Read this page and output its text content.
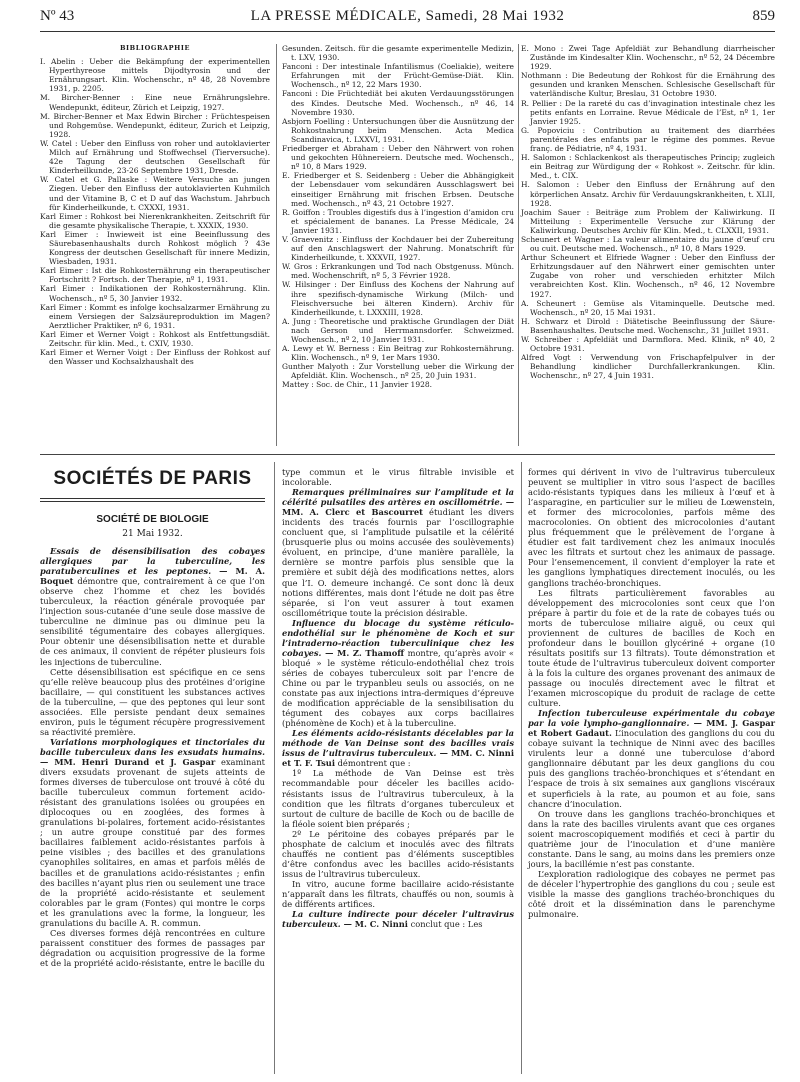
Nº 43	LA PRESSE MÉDICALE, Samedi, 28 Mai 1932	859
BIBLIOGRAPHIE
I. Abelin : Ueber die Bekämpfung der experimentellen Hyperthyreose mittels Dijodtyrosin und der Ernährungsart. Klin. Wochenschr., nº 48, 28 Novembre 1931, p. 2205.
M. Bircher-Benner : Eine neue Ernährungslehre. Wendepunkt, éditeur, Zürich et Leipzig, 1927.
M. Bircher-Benner et Max Edwin Bircher : Früchtespeisen und Rohgemüse. Wendepunkt, éditeur, Zurich et Leipzig, 1928.
W. Catel : Ueber den Einfluss von roher und autoklavierter Milch auf Ernährung und Stoffwechsel (Tierversuche). 42e Tagung der deutschen Gesellschaft für Kinderheilkunde, 23-26 Septembre 1931, Dresde.
W. Catel et G. Pallaske : Weitere Versuche an jungen Ziegen. Ueber den Einfluss der autoklavierten Kuhmilch und der Vitamine B, C et D auf das Wachstum. Jahrbuch für Kinderheilkunde, t. CXXXI, 1931.
Karl Eimer : Rohkost bei Nierenkrankheiten. Zeitschrift für die gesamte physikalische Therapie, t. XXXIX, 1930.
Karl Eimer : Inwieweit ist eine Beeinflussung des Säurebasenhaushalts durch Rohkost möglich ? 43e Kongress der deutschen Gesellschaft für innere Medizin, Wiesbaden, 1931.
Karl Eimer : Ist die Rohkosternährung ein therapeutischer Fortschritt ? Fortsch. der Therapie, nº 1, 1931.
Karl Eimer : Indikationen der Rohkosternährung. Klin. Wochensch., nº 5, 30 Janvier 1932.
Karl Eimer : Kommt es infolge kochsalzarmer Ernährung zu einem Versiegen der Salzsäureproduktion im Magen? Aerztlicher Praktiker, nº 6, 1931.
Karl Eimer et Werner Voigt : Rohkost als Entfettungsdiät. Zeitschr. für klin. Med., t. CXIV, 1930.
Karl Eimer et Werner Voigt : Der Einfluss der Rohkost auf den Wasser und Kochsalzhaushalt des
Gesunden. Zeitsch. für die gesamte experimentelle Medizin, t. LXV, 1930.
Fanconi : Der intestinale Infantilismus (Coeliakie), weitere Erfahrungen mit der Frücht-Gemüse-Diät. Klin. Wochensch., nº 12, 22 Mars 1930.
Fanconi : Die Früchtediät bei akuten Verdauungsstörungen des Kindes. Deutsche Med. Wochensch., nº 46, 14 Novembre 1930.
Asbjorn Foelling : Untersuchungen über die Ausnützung der Rohkostnahrung beim Menschen. Acta Medica Scandinavica, t. LXXVI, 1931.
Friedberger et Abraham : Ueber den Nährwert von rohen und gekochten Hühnereiern. Deutsche med. Wochensch., nº 10, 8 Mars 1929.
E. Friedberger et S. Seidenberg : Ueber die Abhängigkeit der Lebensdauer vom sekundären Ausschlagswert bei einseitiger Ernährung mit frischen Erbsen. Deutsche med. Wochensch., nº 43, 21 Octobre 1927.
R. Goiffon : Troubles digestifs dus à l’ingestion d’amidon cru et spécialement de bananes. La Presse Médicale, 24 Janvier 1931.
V. Graevenitz : Einfluss der Kochdauer bei der Zubereitung auf den Anschlagswert der Nahrung. Monatschrift für Kinderheilkunde, t. XXXVII, 1927.
W. Gros : Erkrankungen und Tod nach Obstgenuss. Münch. med. Wochenschrift, nº 5, 3 Février 1928.
W. Hilsinger : Der Einfluss des Kochens der Nahrung auf ihre spezifisch-dynamische Wirkung (Milch- und Fleischversuche bei älteren Kindern). Archiv für Kinderheilkunde, t. LXXXIII, 1928.
A. Jung : Theoretische und praktische Grundlagen der Diät nach Gerson und Herrmannsdorfer. Schweizmed. Wochensch., nº 2, 10 Janvier 1931.
A. Lewy et W. Berness : Ein Beitrag zur Rohkosternährung. Klin. Wochensch., nº 9, 1er Mars 1930.
Gunther Malyoth : Zur Vorstellung ueber die Wirkung der Apfeldiät. Klin. Wochensch., nº 25, 20 Juin 1931.
Mattey : Soc. de Chir., 11 Janvier 1928.
E. Mono : Zwei Tage Apfeldiät zur Behandlung diarrheischer Zustände im Kindesalter Klin. Wochenschr., nº 52, 24 Décembre 1929.
Nothmann : Die Bedeutung der Rohkost für die Ernährung des gesunden und kranken Menschen. Schlesische Gesellschaft für vaterländische Kultur, Breslau, 31 Octobre 1930.
R. Pellier : De la rareté du cas d’invagination intestinale chez les petits enfants en Lorraine. Revue Médicale de l’Est, nº 1, 1er Janvier 1925.
G. Popoviciu : Contribution au traitement des diarrhées parentérales des enfants par le régime des pommes. Revue franç. de Pédiatrie, nº 4, 1931.
H. Salomon : Schlackenkost als therapeutisches Princip; zugleich ein Beitrag zur Würdigung der « Rohkost ». Zeitschr. für klin. Med., t. CIX.
H. Salomon : Ueber den Einfluss der Ernährung auf den körperlichen Ansatz. Archiv für Verdauungskrankheiten, t. XLII, 1928.
Joachim Sauer : Beiträge zum Problem der Kaliwirkung. II Mitteilung : Experimentelle Versuche zur Klärung der Kaliwirkung. Deutsches Archiv für Klin. Med., t. CLXXII, 1931.
Scheunert et Wagner : La valeur alimentaire du jaune d’œuf cru ou cuit. Deutsche med. Wochensch., nº 10, 8 Mars 1929.
Arthur Scheunert et Elfriede Wagner : Ueber den Einfluss der Erhitzungsdauer auf den Nährwert einer gemischten unter Zugabe von roher und verschieden erhitzter Milch verabreichten Kost. Klin. Wochensch., nº 46, 12 Novembre 1927.
A. Scheunert : Gemüse als Vitaminquelle. Deutsche med. Wochensch., nº 20, 15 Mai 1931.
H. Schwarz et Dirold : Diätetische Beeinflussung der Säure-Basenhaushaltes. Deutsche med. Wochenschr., 31 Juillet 1931.
W. Schreiber : Apfeldiät und Darmflora. Med. Klinik, nº 40, 2 Octobre 1931.
Alfred Vogt : Verwendung von Frischapfelpulver in der Behandlung kindlicher Durchfallerkrankungen. Klin. Wochenschr., nº 27, 4 Juin 1931.
SOCIÉTÉS DE PARIS
SOCIÉTÉ DE BIOLOGIE
21 Mai 1932.

Essais de désensibilisation des cobayes allergiques par la tuberculine, les paratuberculines et les peptones. — M. A. Boquet démontre que, contrairement à ce que l’on observe chez l’homme et chez les bovidés tuberculeux, la réaction générale provoquée par l’injection sous-cutanée d’une seule dose massive de tuberculine ne diminue pas ou diminue peu la sensibilité tégumentaire des cobayes allergiques. Pour obtenir une désensibilisation nette et durable de ces animaux, il convient de répéter plusieurs fois les injections de tuberculine.

Cette désensibilisation est spécifique en ce sens qu’elle relève beaucoup plus des protéines d’origine bacillaire, — qui constituent les substances actives de la tuberculine, — que des peptones qui leur sont associées. Elle persiste pendant deux semaines environ, puis le tégument récupère progressivement sa réactivité première.

Variations morphologiques et tinctoriales du bacille tuberculeux dans les exsudats humains. — MM. Henri Durand et J. Gaspar examinant divers exsudats provenant de sujets atteints de formes diverses de tuberculose ont trouvé à côté du bacille tuberculeux commun fortement acido-résistant des granulations isolées ou groupées en diplocoques ou en zooglées, des formes à granulations bi-polaires, fortement acido-résistantes ; un autre groupe constitué par des formes bacillaires faiblement acido-résistantes parfois à peine visibles ; des bacilles et des granulations cyanophiles solitaires, en amas et parfois mêlés de bacilles et de granulations acido-résistantes ; enfin des bacilles n’ayant plus rien ou seulement une trace de la propriété acido-résistante et seulement colorables par le gram (Fontes) qui montre le corps et les granulations avec la forme, la longueur, les granulations du bacille A. R. commun.

Ces diverses formes déjà rencontrées en culture paraissent constituer des formes de passages par dégradation ou acquisition progressive de la forme et de la propriété acido-résistante, entre le bacille du

type commun et le virus filtrable invisible et incolorable.

Remarques préliminaires sur l’amplitude et la célérité pulsatiles des artères en oscillométrie. — MM. A. Clerc et Bascourret étudiant les divers incidents des tracés fournis par l’oscillographie concluent que, si l’amplitude pulsatile et la célérité (brusquerie plus ou moins accusée des soulèvements) évoluent, en principe, d’une manière parallèle, la dernière se montre parfois plus sensible que la première et subit déjà des modifications nettes, alors que l’I. O. demeure inchangé. Ce sont donc là deux notions différentes, mais dont l’étude ne doit pas être séparée, si l’on veut assurer à tout examen oscillométrique toute la précision désirable.

Influence du blocage du système réticulo-endothélial sur le phénomène de Koch et sur l’intraderno-réaction tuberculinique chez les cobayes. — M. Z. Thamoff montre, qu’après avoir « bloqué » le système réticulo-endothélial chez trois séries de cobayes tuberculeux soit par l’encre de Chine ou par le trypanbleu seuls ou associés, on ne constate pas aux injections intra-dermiques d’épreuve de modification appréciable de la sensibilisation du tégument des cobayes aux corps bacillaires (phénomène de Koch) et à la tuberculine.

Les éléments acido-résistants décelables par la méthode de Van Deinse sont des bacilles vrais issus de l’ultravirus tuberculeux. — MM. C. Ninni et T. F. Tsui démontrent que :

1º La méthode de Van Deinse est très recommandable pour déceler les bacilles acido-résistants issus de l’ultravirus tuberculeux, à la condition que les filtrats d’organes tuberculeux et surtout de culture de bacille de Koch ou de bacille de la fléole soient bien préparés ;

2º Le péritoine des cobayes préparés par le phosphate de calcium et inoculés avec des filtrats chauffés ne contient pas d’éléments susceptibles d’être confondus avec les bacilles acido-résistants issus de l’ultravirus tuberculeux.

In vitro, aucune forme bacillaire acido-résistante n’apparaît dans les filtrats, chauffés ou non, soumis à de différents artifices.

La culture indirecte pour déceler l’ultravirus tuberculeux. — M. C. Ninni conclut que : Les

formes qui dérivent in vivo de l’ultravirus tuberculeux peuvent se multiplier in vitro sous l’aspect de bacilles acido-résistants typiques dans les milieux à l’œuf et à l’asparagine, en particulier sur le milieu de Lœwenstein, et former des microcolonies, parfois même des macrocolonies. On obtient des microcolonies d’autant plus fréquemment que le prélèvement de l’organe à étudier est fait tardivement chez les animaux inoculés avec les filtrats et surtout chez les animaux de passage. Pour l’ensemencement, il convient d’employer la rate et les ganglions lymphatiques directement inoculés, ou les ganglions trachéo-bronchiques.

Les filtrats particulièrement favorables au développement des microcolonies sont ceux que l’on prépare à partir du foie et de la rate de cobayes tués ou morts de tuberculose miliaire aiguë, ou ceux qui proviennent de cultures de bacilles de Koch en profondeur dans le bouillon glycériné + organe (10 résultats positifs sur 13 filtrats). Toute démonstration et toute étude de l’ultravirus tuberculeux doivent comporter à la fois la culture des organes provenant des animaux de passage ou inoculés directement avec le filtrat et l’examen microscopique du produit de raclage de cette culture.

Infection tuberculeuse expérimentale du cobaye par la voie lympho-ganglionnaire. — MM. J. Gaspar et Robert Gadaut. L’inoculation des ganglions du cou du cobaye suivant la technique de Ninni avec des bacilles virulents leur a donné une tuberculose d’abord ganglionnaire débutant par les deux ganglions du cou puis des ganglions trachéo-bronchiques et s’étendant en l’espace de trois à six semaines aux ganglions viscéraux et superficiels à la rate, au poumon et au foie, sans chancre d’inoculation.

On trouve dans les ganglions trachéo-bronchiques et dans la rate des bacilles virulents avant que ces organes soient macroscopiquement modifiés et ceci à partir du quatrième jour de l’inoculation et d’une manière constante. Dans le sang, au moins dans les premiers onze jours, la bacillémie n’est pas constante.

L’exploration radiologique des cobayes ne permet pas de déceler l’hypertrophie des ganglions du cou ; seule est visible la masse des ganglions trachéo-bronchiques du côté droit et la dissémination dans le parenchyme pulmonaire.
